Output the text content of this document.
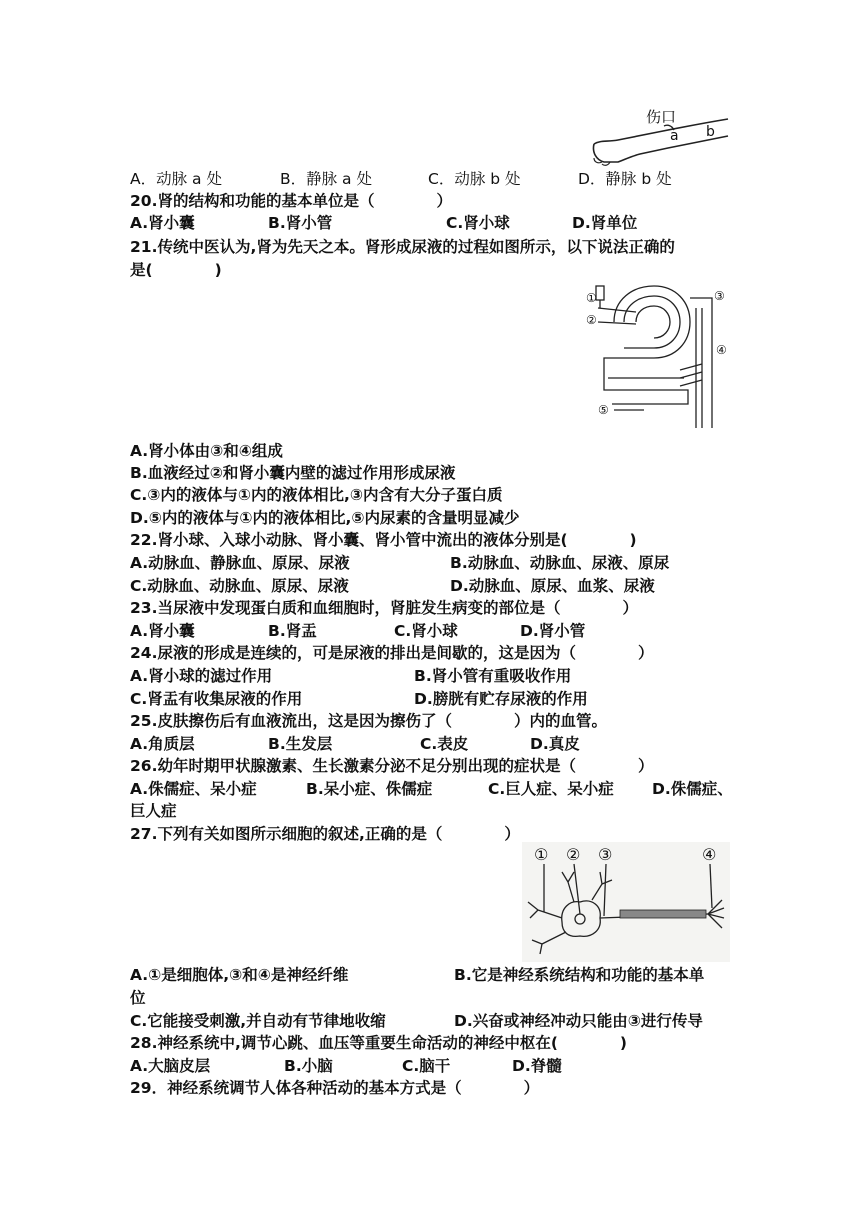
伤口
a b
A．动脉 a 处	B．静脉 a 处	C．动脉 b 处	D．静脉 b 处
20.肾的结构和功能的基本单位是（　　　　）
A.肾小囊	B.肾小管	C.肾小球	D.肾单位
21.传统中医认为,肾为先天之本。肾形成尿液的过程如图所示，以下说法正确的
是(　　　　)
①
②
③
④
⑤
A.肾小体由③和④组成
B.血液经过②和肾小囊内壁的滤过作用形成尿液
C.③内的液体与①内的液体相比,③内含有大分子蛋白质
D.⑤内的液体与①内的液体相比,⑤内尿素的含量明显减少
22.肾小球、入球小动脉、肾小囊、肾小管中流出的液体分别是(　　　　)
A.动脉血、静脉血、原尿、尿液	B.动脉血、动脉血、尿液、原尿
C.动脉血、动脉血、原尿、尿液	D.动脉血、原尿、血浆、尿液
23.当尿液中发现蛋白质和血细胞时，肾脏发生病变的部位是（　　　　）
A.肾小囊	B.肾盂	C.肾小球	D.肾小管
24.尿液的形成是连续的，可是尿液的排出是间歇的，这是因为（　　　　）
A.肾小球的滤过作用	B.肾小管有重吸收作用
C.肾盂有收集尿液的作用	D.膀胱有贮存尿液的作用
25.皮肤擦伤后有血液流出，这是因为擦伤了（　　　　）内的血管。
A.角质层	B.生发层	C.表皮	D.真皮
26.幼年时期甲状腺激素、生长激素分泌不足分别出现的症状是（　　　　）
A.侏儒症、呆小症	B.呆小症、侏儒症	C.巨人症、呆小症 D.侏儒症、
巨人症
27.下列有关如图所示细胞的叙述,正确的是（　　　　）
① ② ③	④
A.①是细胞体,③和④是神经纤维	B.它是神经系统结构和功能的基本单
位
C.它能接受刺激,并自动有节律地收缩	D.兴奋或神经冲动只能由③进行传导
28.神经系统中,调节心跳、血压等重要生命活动的神经中枢在(　　　　)
A.大脑皮层	B.小脑	C.脑干	D.脊髓
29．神经系统调节人体各种活动的基本方式是（　　　　）
